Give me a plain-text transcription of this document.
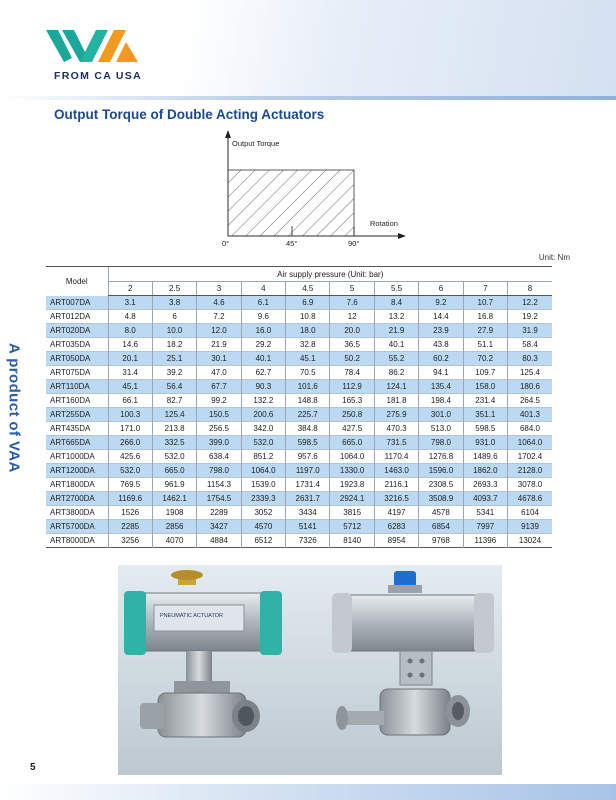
FROM CA USA
Output Torque of Double Acting Actuators
Output Torque
Rotation
0°	45°	90°
Unit: Nm
A product of VAA
Model	Air supply pressure (Unit: bar)									
	2	2.5	3	4	4.5	5	5.5	6	7	8
ART007DA	3.1	3.8	4.6	6.1	6.9	7.6	8.4	9.2	10.7	12.2
ART012DA	4.8	6	7.2	9.6	10.8	12	13.2	14.4	16.8	19.2
ART020DA	8.0	10.0	12.0	16.0	18.0	20.0	21.9	23.9	27.9	31.9
ART035DA	14.6	18.2	21.9	29.2	32.8	36.5	40.1	43.8	51.1	58.4
ART050DA	20.1	25.1	30.1	40.1	45.1	50.2	55.2	60.2	70.2	80.3
ART075DA	31.4	39.2	47.0	62.7	70.5	78.4	86.2	94.1	109.7	125.4
ART110DA	45.1	56.4	67.7	90.3	101.6	112.9	124.1	135.4	158.0	180.6
ART160DA	66.1	82.7	99.2	132.2	148.8	165.3	181.8	198.4	231.4	264.5
ART255DA	100.3	125.4	150.5	200.6	225.7	250.8	275.9	301.0	351.1	401.3
ART435DA	171.0	213.8	256.5	342.0	384.8	427.5	470.3	513.0	598.5	684.0
ART665DA	266.0	332.5	399.0	532.0	598.5	665.0	731.5	798.0	931.0	1064.0
ART1000DA	425.6	532.0	638.4	851.2	957.6	1064.0	1170.4	1276.8	1489.6	1702.4
ART1200DA	532.0	665.0	798.0	1064.0	1197.0	1330.0	1463.0	1596.0	1862.0	2128.0
ART1800DA	769.5	961.9	1154.3	1539.0	1731.4	1923.8	2116.1	2308.5	2693.3	3078.0
ART2700DA	1169.6	1462.1	1754.5	2339.3	2631.7	2924.1	3216.5	3508.9	4093.7	4678.6
ART3800DA	1526	1908	2289	3052	3434	3815	4197	4578	5341	6104
ART5700DA	2285	2856	3427	4570	5141	5712	6283	6854	7997	9139
ART8000DA	3256	4070	4884	6512	7326	8140	8954	9768	11396	13024
PNEUMATIC ACTUATOR
5
